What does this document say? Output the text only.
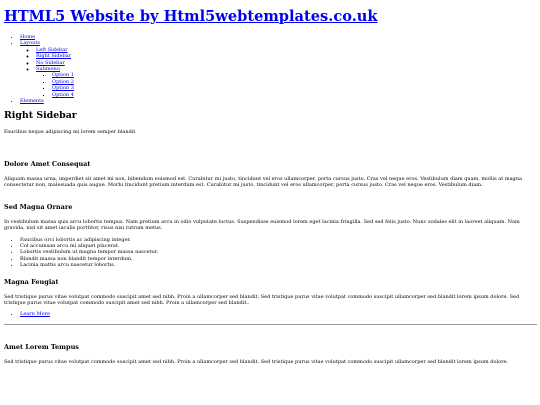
HTML5 Website by Html5webtemplates.co.uk
• Home
• Layouts
◦ Left Sidebar
◦ Right Sidebar
◦ No Sidebar
◦ Submenu
▪ Option 1
▪ Option 2
▪ Option 3
▪ Option 4
• Elements
Right Sidebar

Faucibus neque adipiscing mi lorem semper blandit

Dolore Amet Consequat

Aliquam massa urna, imperdiet sit amet mi non, bibendum euismod est. Curabitur mi justo, tincidunt vel eros ullamcorper, porta cursus justo. Cras vel neque eros. Vestibulum diam quam, mollis at magna consectetur non, malesuada quis augue. Morbi tincidunt pretium interdum est. Curabitur mi justo, tincidunt vel eros ullamcorper, porta cursus justo. Cras vel neque eros. Vestibulum diam.

Sed Magna Ornare

In vestibulum massa quis arcu lobortis tempus. Nam pretium arcu in odio vulputate luctus. Suspendisse euismod lorem eget lacinia fringilla. Sed sed felis justo. Nunc sodales elit in laoreet aliquam. Nam gravida, nisl sit amet iaculis porttitor, risus nisi rutrum metus.

• Faucibus orci lobortis ac adipiscing integer.
• Col accumsan arcu mi aliquet placerat.
• Lobortis vestibulum ut magna tempor massa nascetur.
• Blandit massa non blandit tempor interdum.
• Lacinia mattis arcu nascetur lobortis.
Magna Feugiat

Sed tristique purus vitae volutpat commodo suscipit amet sed nibh. Proin a ullamcorper sed blandit. Sed tristique purus vitae volutpat commodo suscipit ullamcorper sed blandit lorem ipsum dolore. Sed tristique purus vitae volutpat commodo suscipit amet sed nibh. Proin a ullamcorper sed blandit..

• Learn More
Amet Lorem Tempus

Sed tristique purus vitae volutpat commodo suscipit amet sed nibh. Proin a ullamcorper sed blandit. Sed tristique purus vitae volutpat commodo suscipit ullamcorper sed blandit lorem ipsum dolore.
